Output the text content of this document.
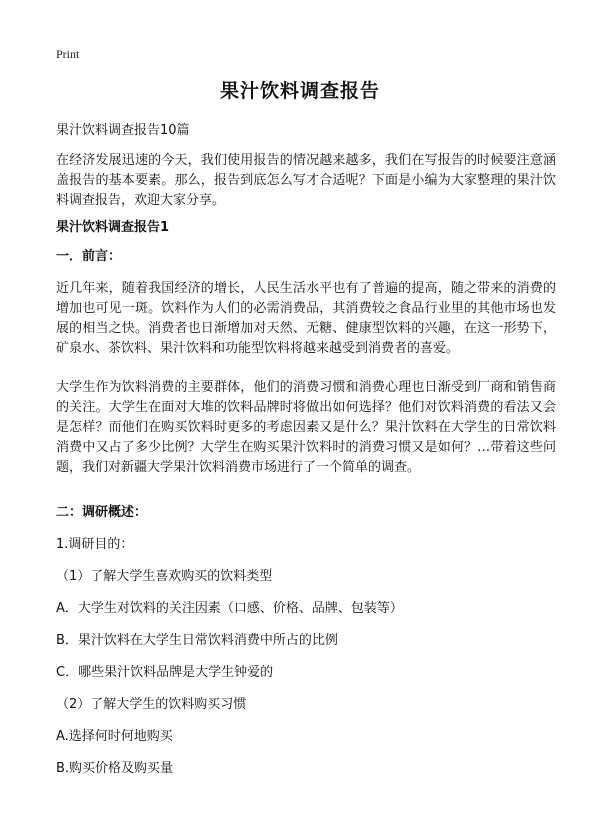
Print
果汁饮料调查报告

果汁饮料调查报告10篇

在经济发展迅速的今天，我们使用报告的情况越来越多，我们在写报告的时候要注意涵盖报告的基本要素。那么，报告到底怎么写才合适呢？下面是小编为大家整理的果汁饮料调查报告，欢迎大家分享。

果汁饮料调查报告1

一．前言：

近几年来，随着我国经济的增长，人民生活水平也有了普遍的提高，随之带来的消费的增加也可见一斑。饮料作为人们的必需消费品，其消费较之食品行业里的其他市场也发展的相当之快。消费者也日渐增加对天然、无糖、健康型饮料的兴趣，在这一形势下，矿泉水、茶饮料、果汁饮料和功能型饮料将越来越受到消费者的喜爱。

大学生作为饮料消费的主要群体，他们的消费习惯和消费心理也日渐受到厂商和销售商的关注。大学生在面对大堆的饮料品牌时将做出如何选择？他们对饮料消费的看法又会是怎样？而他们在购买饮料时更多的考虑因素又是什么？果汁饮料在大学生的日常饮料消费中又占了多少比例？大学生在购买果汁饮料时的消费习惯又是如何？…带着这些问题，我们对新疆大学果汁饮料消费市场进行了一个简单的调查。

二：调研概述：

1.调研目的：

（1）了解大学生喜欢购买的饮料类型

A．大学生对饮料的关注因素（口感、价格、品牌、包装等）

B．果汁饮料在大学生日常饮料消费中所占的比例

C．哪些果汁饮料品牌是大学生钟爱的

（2）了解大学生的饮料购买习惯

A.选择何时何地购买

B.购买价格及购买量
